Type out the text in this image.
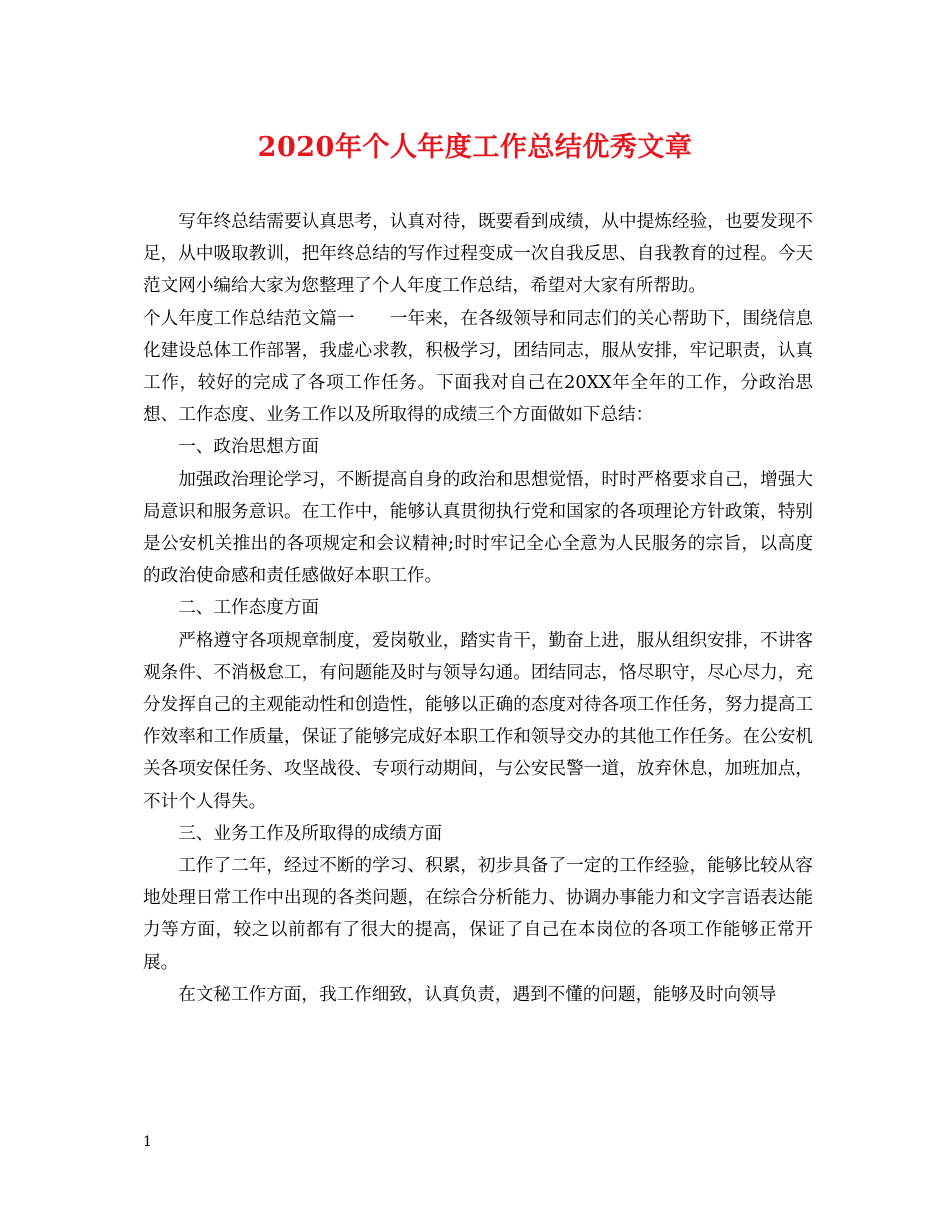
2020年个人年度工作总结优秀文章

写年终总结需要认真思考，认真对待，既要看到成绩，从中提炼经验，也要发现不足，从中吸取教训，把年终总结的写作过程变成一次自我反思、自我教育的过程。今天范文网小编给大家为您整理了个人年度工作总结，希望对大家有所帮助。

个人年度工作总结范文篇一　　一年来，在各级领导和同志们的关心帮助下，围绕信息化建设总体工作部署，我虚心求教，积极学习，团结同志，服从安排，牢记职责，认真工作，较好的完成了各项工作任务。下面我对自己在20XX年全年的工作，分政治思想、工作态度、业务工作以及所取得的成绩三个方面做如下总结：

一、政治思想方面

加强政治理论学习，不断提高自身的政治和思想觉悟，时时严格要求自己，增强大局意识和服务意识。在工作中，能够认真贯彻执行党和国家的各项理论方针政策，特别是公安机关推出的各项规定和会议精神;时时牢记全心全意为人民服务的宗旨，以高度的政治使命感和责任感做好本职工作。

二、工作态度方面

严格遵守各项规章制度，爱岗敬业，踏实肯干，勤奋上进，服从组织安排，不讲客观条件、不消极怠工，有问题能及时与领导勾通。团结同志，恪尽职守，尽心尽力，充分发挥自己的主观能动性和创造性，能够以正确的态度对待各项工作任务，努力提高工作效率和工作质量，保证了能够完成好本职工作和领导交办的其他工作任务。在公安机关各项安保任务、攻坚战役、专项行动期间，与公安民警一道，放弃休息，加班加点，不计个人得失。

三、业务工作及所取得的成绩方面

工作了二年，经过不断的学习、积累，初步具备了一定的工作经验，能够比较从容地处理日常工作中出现的各类问题，在综合分析能力、协调办事能力和文字言语表达能力等方面，较之以前都有了很大的提高，保证了自己在本岗位的各项工作能够正常开展。

在文秘工作方面，我工作细致，认真负责，遇到不懂的问题，能够及时向领导

1
